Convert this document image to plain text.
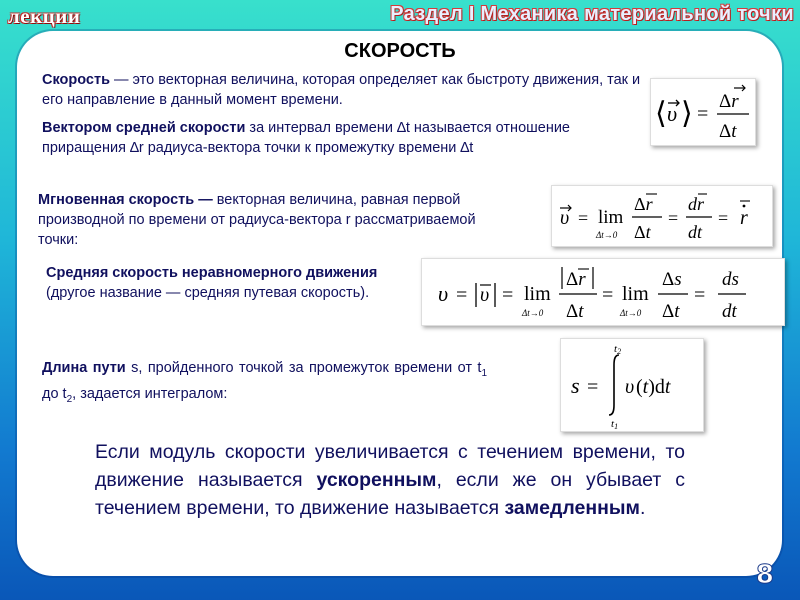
лекции	Раздел I Механика материальной точки
СКОРОСТЬ
Скорость — это векторная величина, которая определяет как быстроту движения, так и его направление в данный момент времени.	⟨ υ ⟩ =
Δr
Δt
Вектором средней скорости за интервал времени ∆t называется отношение приращения ∆r радиуса-вектора точки к промежутку времени ∆t
Мгновенная скорость — векторная величина, равная первой производной по времени от радиуса-вектора r рассматриваемой точки:
υ = lim
Δt→0
Δr
Δt
=
dr
dt
= r
Средняя скорость неравномерного движения (другое название — средняя путевая скорость).	υ = υ = lim
Δt→0
Δr
Δt
= lim
Δt→0
Δs
Δt
=
ds
dt
Длина пути s, пройденного точкой за промежуток времени от $t_1$ до $t_2$, задается интегралом:	s =
t2
t1
υ (t)dt
Если модуль скорости увеличивается с течением времени, то движение называется ускоренным, если же он убывает с течением времени, то движение называется замедленным.
8
